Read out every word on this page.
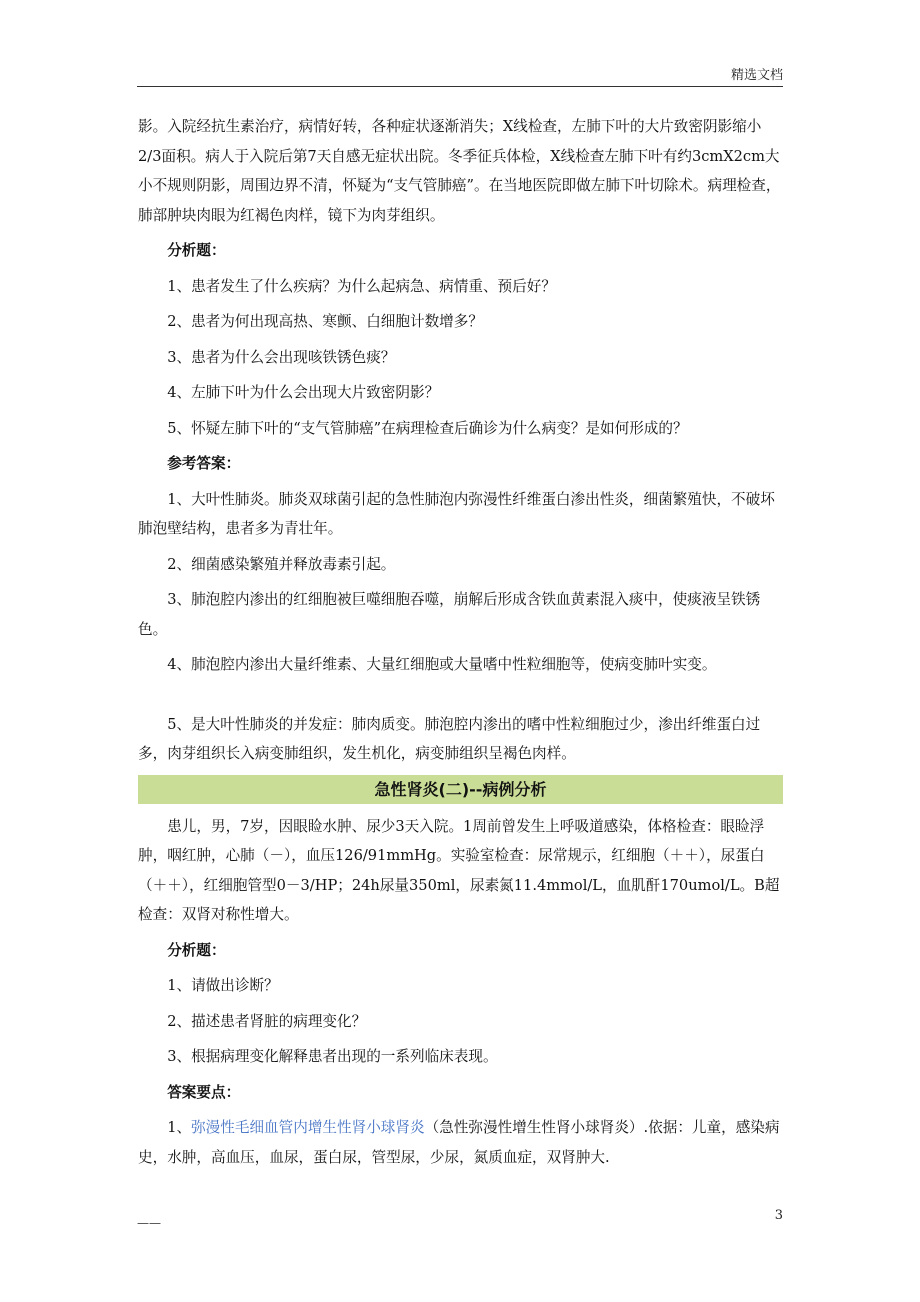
精选文档

影。入院经抗生素治疗，病情好转，各种症状逐渐消失；X线检查，左肺下叶的大片致密阴影缩小2/3面积。病人于入院后第7天自感无症状出院。冬季征兵体检，X线检查左肺下叶有约3cmX2cm大小不规则阴影，周围边界不清，怀疑为“支气管肺癌”。在当地医院即做左肺下叶切除术。病理检查，肺部肿块肉眼为红褐色肉样，镜下为肉芽组织。

分析题：

1、患者发生了什么疾病？为什么起病急、病情重、预后好？

2、患者为何出现高热、寒颤、白细胞计数增多？

3、患者为什么会出现咳铁锈色痰？

4、左肺下叶为什么会出现大片致密阴影？

5、怀疑左肺下叶的“支气管肺癌”在病理检查后确诊为什么病变？是如何形成的？

参考答案：

1、大叶性肺炎。肺炎双球菌引起的急性肺泡内弥漫性纤维蛋白渗出性炎，细菌繁殖快，不破坏肺泡壁结构，患者多为青壮年。

2、细菌感染繁殖并释放毒素引起。

3、肺泡腔内渗出的红细胞被巨噬细胞吞噬，崩解后形成含铁血黄素混入痰中，使痰液呈铁锈色。

4、肺泡腔内渗出大量纤维素、大量红细胞或大量嗜中性粒细胞等，使病变肺叶实变。

5、是大叶性肺炎的并发症：肺肉质变。肺泡腔内渗出的嗜中性粒细胞过少，渗出纤维蛋白过多，肉芽组织长入病变肺组织，发生机化，病变肺组织呈褐色肉样。

急性肾炎(二)--病例分析

患儿，男，7岁，因眼睑水肿、尿少3天入院。1周前曾发生上呼吸道感染，体格检查：眼睑浮肿，咽红肿，心肺（－），血压126/91mmHg。实验室检查：尿常规示，红细胞（＋＋），尿蛋白（＋＋），红细胞管型0－3/HP；24h尿量350ml，尿素氮11.4mmol/L，血肌酐170umol/L。B超检查：双肾对称性增大。

分析题：

1、请做出诊断？

2、描述患者肾脏的病理变化？

3、根据病理变化解释患者出现的一系列临床表现。

答案要点：

1、弥漫性毛细血管内增生性肾小球肾炎（急性弥漫性增生性肾小球肾炎）.依据：儿童，感染病史，水肿，高血压，血尿，蛋白尿，管型尿，少尿，氮质血症，双肾肿大.

——	3
